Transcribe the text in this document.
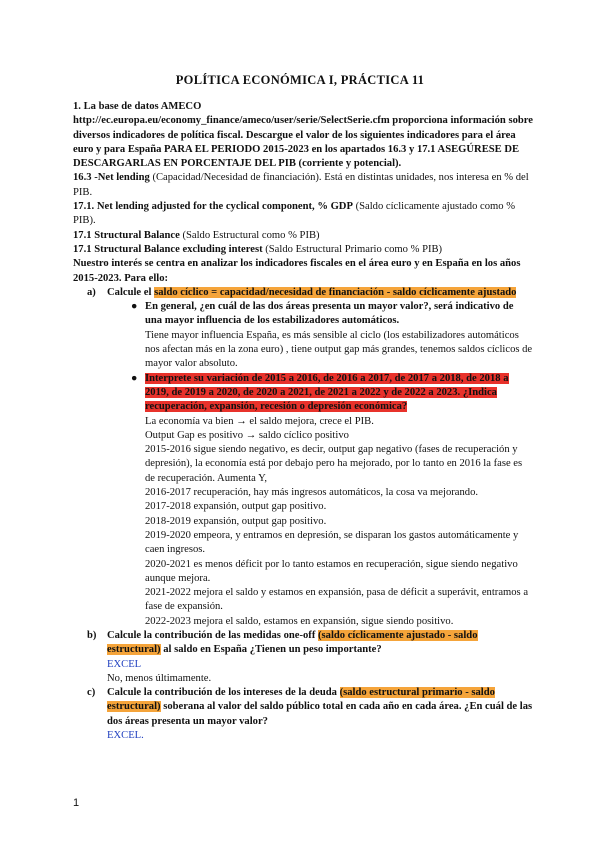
POLÍTICA ECONÓMICA I, PRÁCTICA 11

1. La base de datos AMECO

http://ec.europa.eu/economy_finance/ameco/user/serie/SelectSerie.cfm proporciona información sobre diversos indicadores de política fiscal. Descargue el valor de los siguientes indicadores para el área euro y para España PARA EL PERIODO 2015-2023 en los apartados 16.3 y 17.1 ASEGÚRESE DE DESCARGARLAS EN PORCENTAJE DEL PIB (corriente y potencial).

16.3 -Net lending (Capacidad/Necesidad de financiación). Está en distintas unidades, nos interesa en % del PIB.

17.1. Net lending adjusted for the cyclical component, % GDP (Saldo cíclicamente ajustado como % PIB).

17.1 Structural Balance (Saldo Estructural como % PIB)

17.1 Structural Balance excluding interest (Saldo Estructural Primario como % PIB)

Nuestro interés se centra en analizar los indicadores fiscales en el área euro y en España en los años 2015-2023. Para ello:

a) Calcule el saldo cíclico = capacidad/necesidad de financiación - saldo cíclicamente ajustado

● En general, ¿en cuál de las dos áreas presenta un mayor valor?, será indicativo de una mayor influencia de los estabilizadores automáticos.

Tiene mayor influencia España, es más sensible al ciclo (los estabilizadores automáticos nos afectan más en la zona euro) , tiene output gap más grandes, tenemos saldos cíclicos de mayor valor absoluto.

● Interprete su variación de 2015 a 2016, de 2016 a 2017, de 2017 a 2018, de 2018 a 2019, de 2019 a 2020, de 2020 a 2021, de 2021 a 2022 y de 2022 a 2023. ¿Indica recuperación, expansión, recesión o depresión económica?

La economía va bien → el saldo mejora, crece el PIB.

Output Gap es positivo → saldo cíclico positivo

2015-2016 sigue siendo negativo, es decir, output gap negativo (fases de recuperación y depresión), la economía está por debajo pero ha mejorado, por lo tanto en 2016 la fase es de recuperación. Aumenta Y,

2016-2017 recuperación, hay más ingresos automáticos, la cosa va mejorando.

2017-2018 expansión, output gap positivo.

2018-2019 expansión, output gap positivo.

2019-2020 empeora, y entramos en depresión, se disparan los gastos automáticamente y caen ingresos.

2020-2021 es menos déficit por lo tanto estamos en recuperación, sigue siendo negativo aunque mejora.

2021-2022 mejora el saldo y estamos en expansión, pasa de déficit a superávit, entramos a fase de expansión.

2022-2023 mejora el saldo, estamos en expansión, sigue siendo positivo.

b) Calcule la contribución de las medidas one-off (saldo cíclicamente ajustado - saldo estructural) al saldo en España ¿Tienen un peso importante?

EXCEL

No, menos últimamente.

c) Calcule la contribución de los intereses de la deuda (saldo estructural primario - saldo estructural) soberana al valor del saldo público total en cada año en cada área. ¿En cuál de las dos áreas presenta un mayor valor?

EXCEL.

1
